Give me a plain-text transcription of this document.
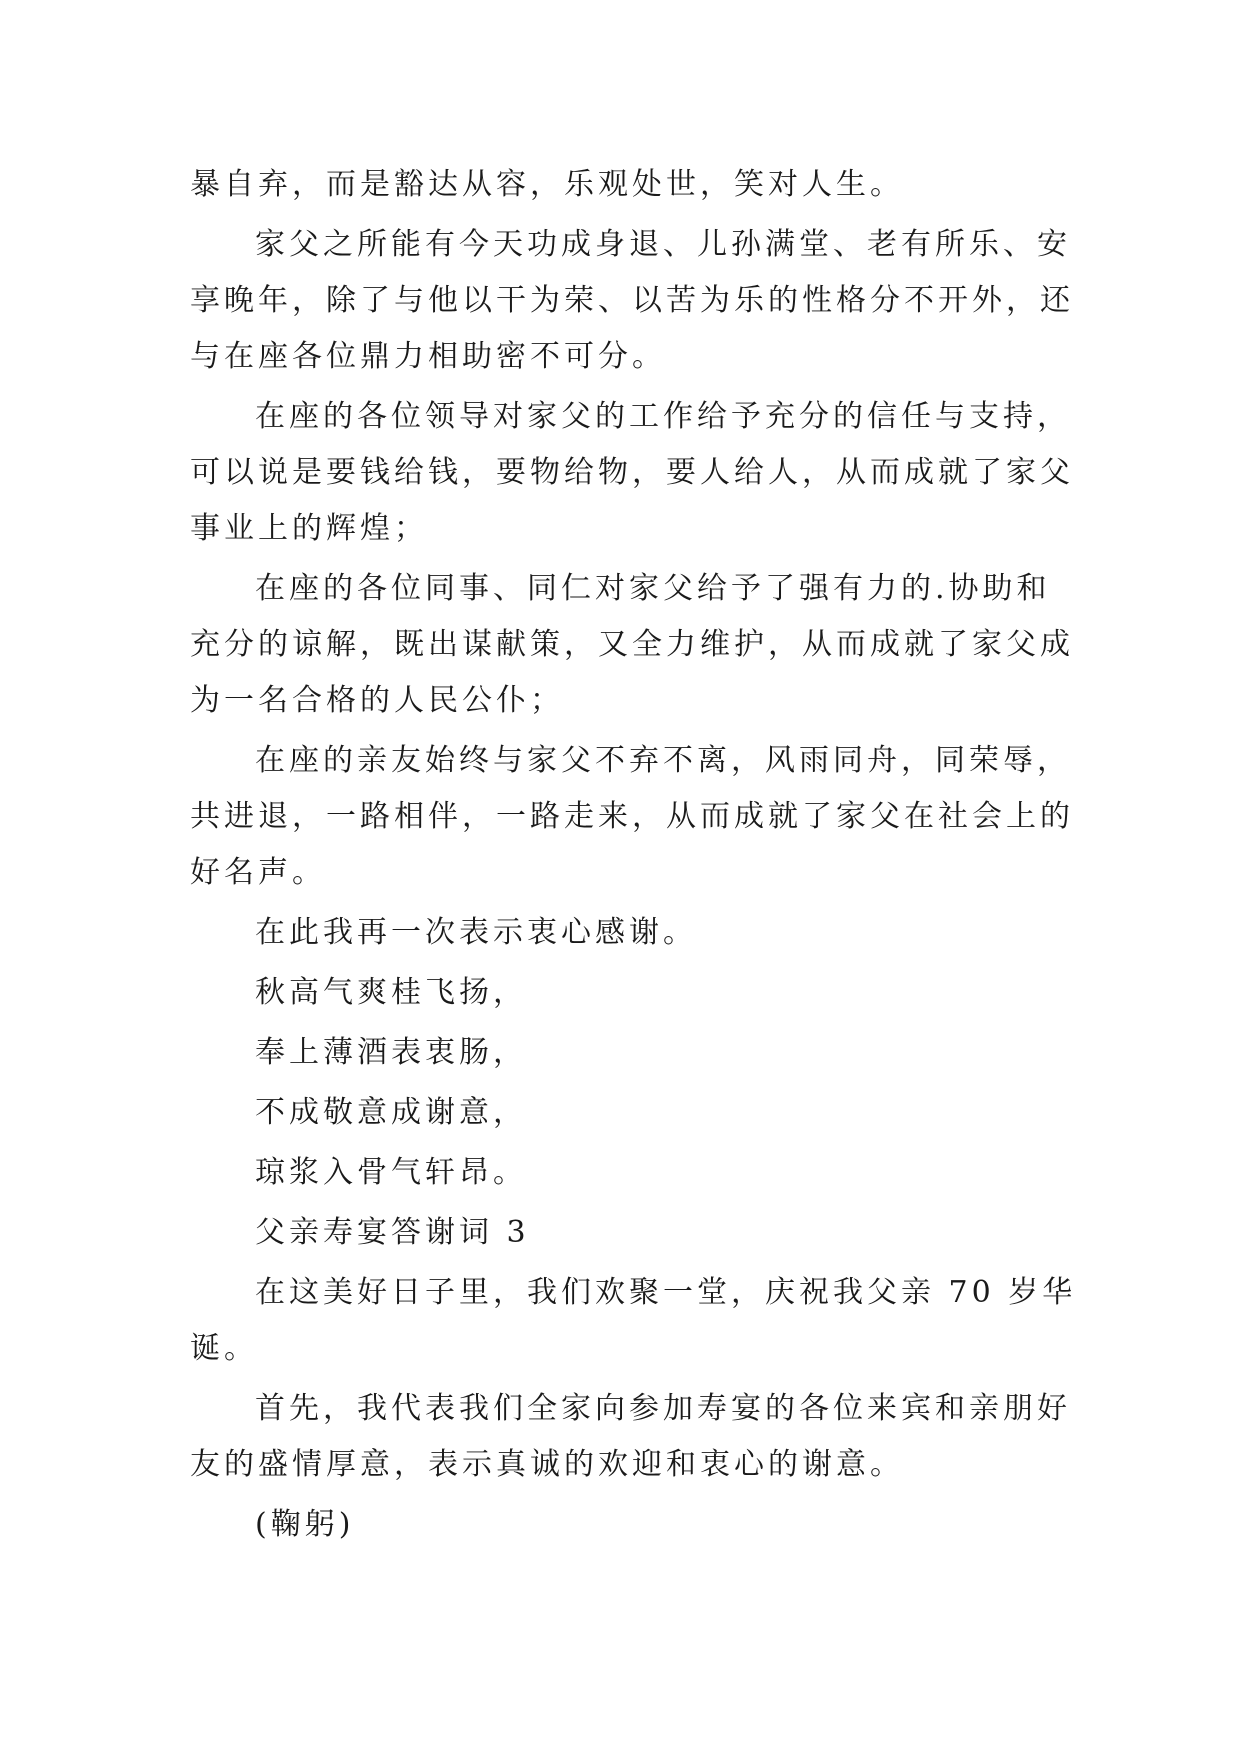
暴自弃，而是豁达从容，乐观处世，笑对人生。
家父之所能有今天功成身退、儿孙满堂、老有所乐、安
享晚年，除了与他以干为荣、以苦为乐的性格分不开外，还
与在座各位鼎力相助密不可分。
在座的各位领导对家父的工作给予充分的信任与支持，
可以说是要钱给钱，要物给物，要人给人，从而成就了家父
事业上的辉煌；
在座的各位同事、同仁对家父给予了强有力的.协助和
充分的谅解，既出谋献策，又全力维护，从而成就了家父成
为一名合格的人民公仆；
在座的亲友始终与家父不弃不离，风雨同舟，同荣辱，
共进退，一路相伴，一路走来，从而成就了家父在社会上的
好名声。
在此我再一次表示衷心感谢。
秋高气爽桂飞扬，
奉上薄酒表衷肠，
不成敬意成谢意，
琼浆入骨气轩昂。
父亲寿宴答谢词 3
在这美好日子里，我们欢聚一堂，庆祝我父亲 70 岁华
诞。
首先，我代表我们全家向参加寿宴的各位来宾和亲朋好
友的盛情厚意，表示真诚的欢迎和衷心的谢意。
(鞠躬)
